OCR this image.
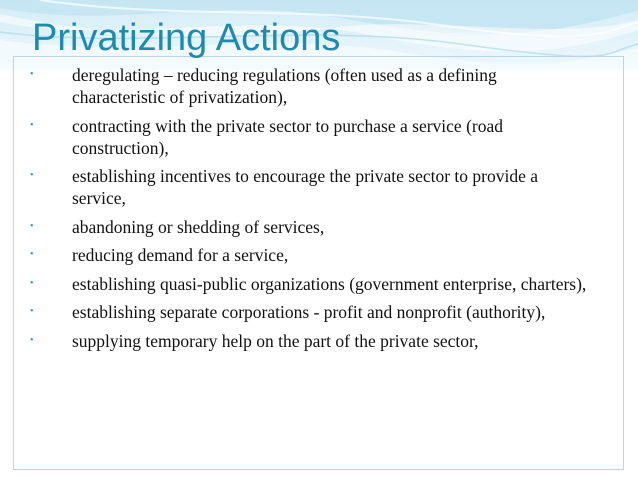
Privatizing Actions
•	deregulating – reducing regulations (often used as a defining characteristic of privatization),
•	contracting with the private sector to purchase a service (road construction),
•	establishing incentives to encourage the private sector to provide a service,
•	abandoning or shedding of services,
•	reducing demand for a service,
•	establishing quasi-public organizations (government enterprise, charters),
•	establishing separate corporations - profit and nonprofit (authority),
•	supplying temporary help on the part of the private sector,
